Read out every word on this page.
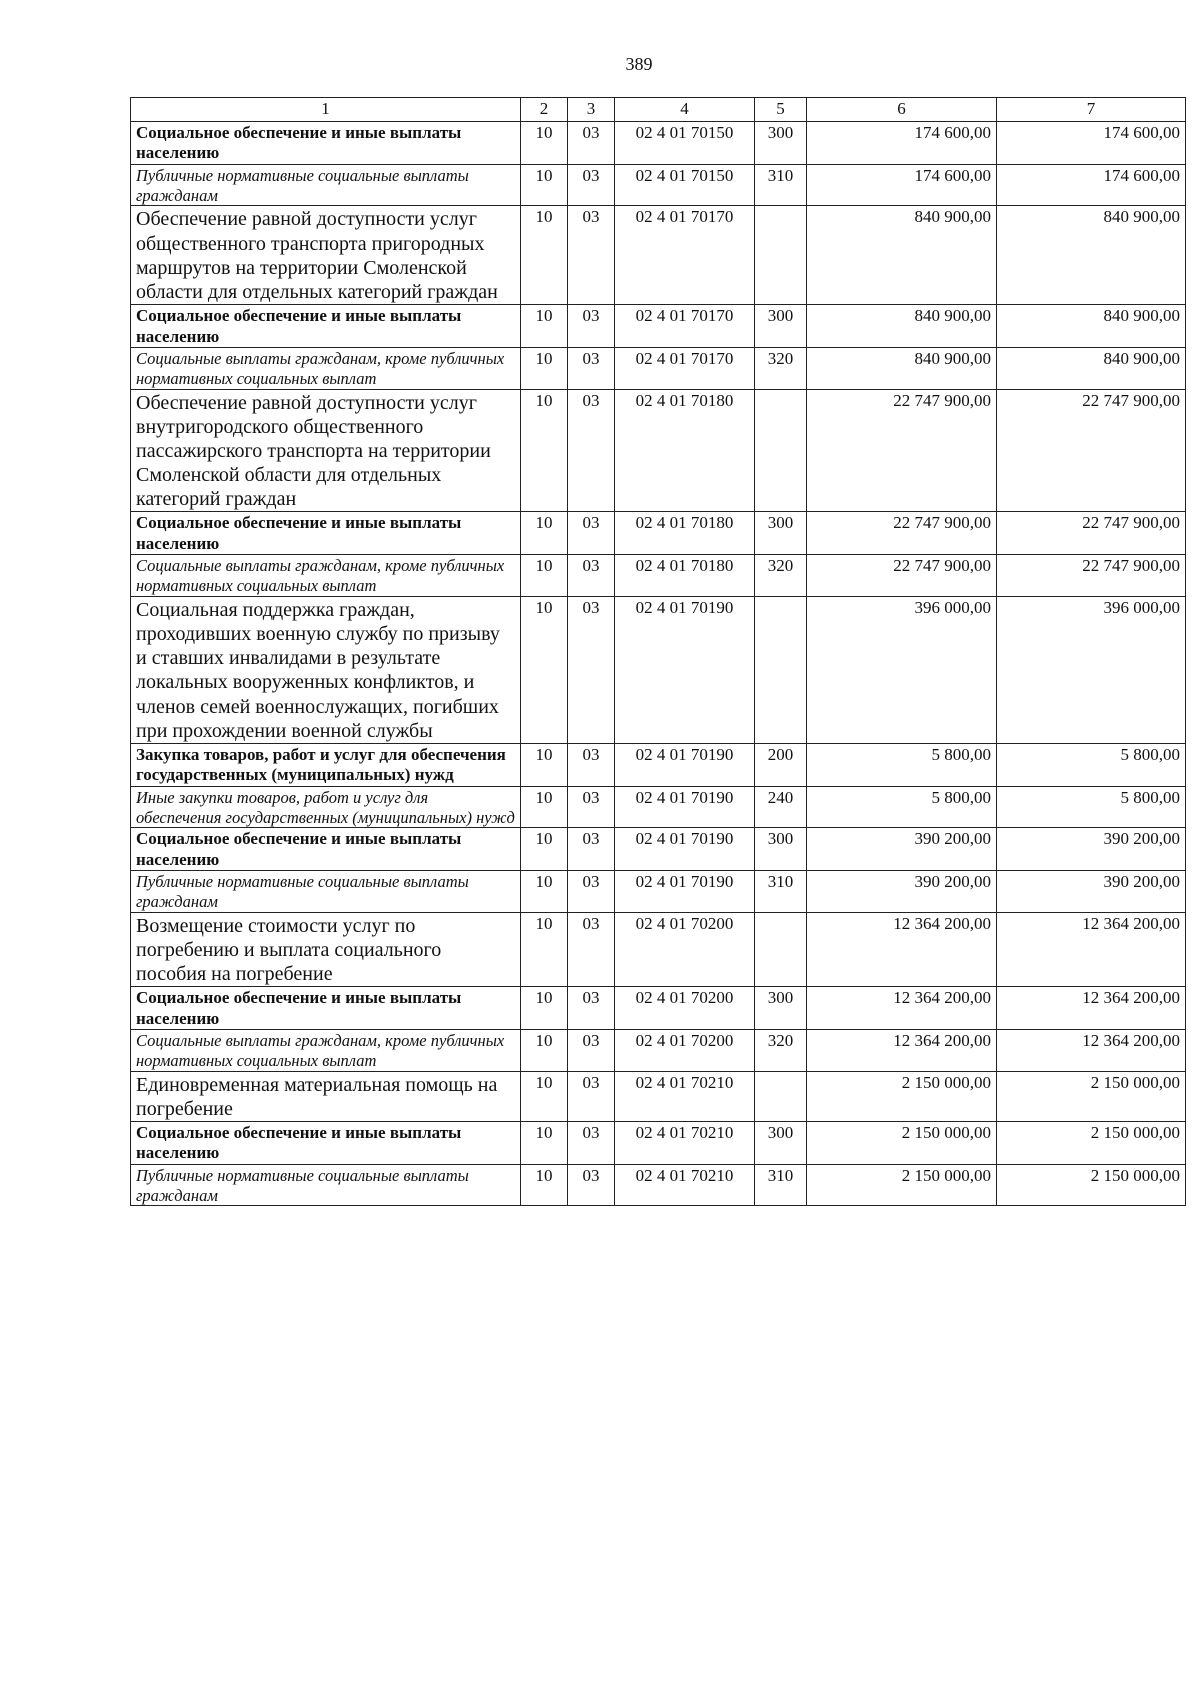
389
1	2	3	4	5	6	7
Социальное обеспечение и иные выплаты населению	10	03	02 4 01 70150	300	174 600,00	174 600,00
Публичные нормативные социальные выплаты гражданам	10	03	02 4 01 70150	310	174 600,00	174 600,00
Обеспечение равной доступности услуг общественного транспорта пригородных маршрутов на территории Смоленской области для отдельных категорий граждан	10	03	02 4 01 70170		840 900,00	840 900,00
Социальное обеспечение и иные выплаты населению	10	03	02 4 01 70170	300	840 900,00	840 900,00
Социальные выплаты гражданам, кроме публичных нормативных социальных выплат	10	03	02 4 01 70170	320	840 900,00	840 900,00
Обеспечение равной доступности услуг внутригородского общественного пассажирского транспорта на территории Смоленской области для отдельных категорий граждан	10	03	02 4 01 70180		22 747 900,00	22 747 900,00
Социальное обеспечение и иные выплаты населению	10	03	02 4 01 70180	300	22 747 900,00	22 747 900,00
Социальные выплаты гражданам, кроме публичных нормативных социальных выплат	10	03	02 4 01 70180	320	22 747 900,00	22 747 900,00
Социальная поддержка граждан, проходивших военную службу по призыву и ставших инвалидами в результате локальных вооруженных конфликтов, и членов семей военнослужащих, погибших при прохождении военной службы	10	03	02 4 01 70190		396 000,00	396 000,00
Закупка товаров, работ и услуг для обеспечения государственных (муниципальных) нужд	10	03	02 4 01 70190	200	5 800,00	5 800,00
Иные закупки товаров, работ и услуг для обеспечения государственных (муниципальных) нужд	10	03	02 4 01 70190	240	5 800,00	5 800,00
Социальное обеспечение и иные выплаты населению	10	03	02 4 01 70190	300	390 200,00	390 200,00
Публичные нормативные социальные выплаты гражданам	10	03	02 4 01 70190	310	390 200,00	390 200,00
Возмещение стоимости услуг по погребению и выплата социального пособия на погребение	10	03	02 4 01 70200		12 364 200,00	12 364 200,00
Социальное обеспечение и иные выплаты населению	10	03	02 4 01 70200	300	12 364 200,00	12 364 200,00
Социальные выплаты гражданам, кроме публичных нормативных социальных выплат	10	03	02 4 01 70200	320	12 364 200,00	12 364 200,00
Единовременная материальная помощь на погребение	10	03	02 4 01 70210		2 150 000,00	2 150 000,00
Социальное обеспечение и иные выплаты населению	10	03	02 4 01 70210	300	2 150 000,00	2 150 000,00
Публичные нормативные социальные выплаты гражданам	10	03	02 4 01 70210	310	2 150 000,00	2 150 000,00
